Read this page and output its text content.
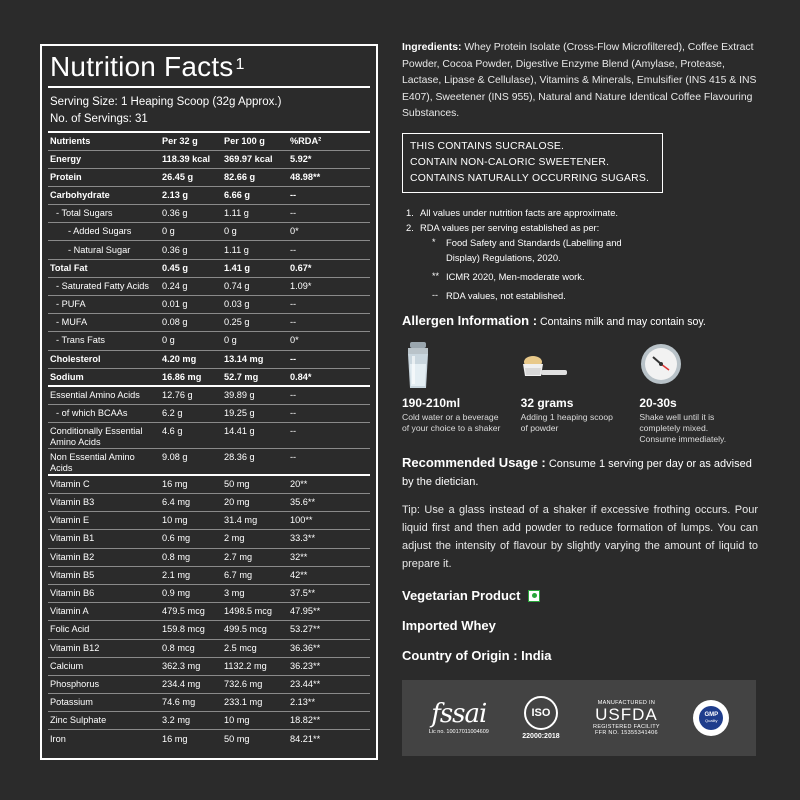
Nutrition Facts $^1$
Serving Size: 1 Heaping Scoop (32g Approx.)
No. of Servings: 31
Nutrients	Per 32 g	Per 100 g	%RDA²
Energy	118.39 kcal	369.97 kcal	5.92*
Protein	26.45 g	82.66 g	48.98**
Carbohydrate	2.13 g	6.66 g	--
- Total Sugars	0.36 g	1.11 g	--
- Added Sugars	0 g	0 g	0*
- Natural Sugar	0.36 g	1.11 g	--
Total Fat	0.45 g	1.41 g	0.67*
- Saturated Fatty Acids	0.24 g	0.74 g	1.09*
- PUFA	0.01 g	0.03 g	--
- MUFA	0.08 g	0.25 g	--
- Trans Fats	0 g	0 g	0*
Cholesterol	4.20 mg	13.14 mg	--
Sodium	16.86 mg	52.7 mg	0.84*
Essential Amino Acids	12.76 g	39.89 g	--
- of which BCAAs	6.2 g	19.25 g	--
Conditionally Essential Amino Acids	4.6 g	14.41 g	--
Non Essential Amino Acids	9.08 g	28.36 g	--
Vitamin C	16 mg	50 mg	20**
Vitamin B3	6.4 mg	20 mg	35.6**
Vitamin E	10 mg	31.4 mg	100**
Vitamin B1	0.6 mg	2 mg	33.3**
Vitamin B2	0.8 mg	2.7 mg	32**
Vitamin B5	2.1 mg	6.7 mg	42**
Vitamin B6	0.9 mg	3 mg	37.5**
Vitamin A	479.5 mcg	1498.5 mcg	47.95**
Folic Acid	159.8 mcg	499.5 mcg	53.27**
Vitamin B12	0.8 mcg	2.5 mcg	36.36**
Calcium	362.3 mg	1132.2 mg	36.23**
Phosphorus	234.4 mg	732.6 mg	23.44**
Potassium	74.6 mg	233.1 mg	2.13**
Zinc Sulphate	3.2 mg	10 mg	18.82**
Iron	16 mg	50 mg	84.21**

Ingredients: Whey Protein Isolate (Cross-Flow Microfiltered), Coffee Extract Powder, Cocoa Powder, Digestive Enzyme Blend (Amylase, Protease, Lactase, Lipase & Cellulase), Vitamins & Minerals, Emulsifier (INS 415 & INS E407), Sweetener (INS 955), Natural and Nature Identical Coffee Flavouring Substances.

THIS CONTAINS SUCRALOSE.
CONTAIN NON-CALORIC SWEETENER.
CONTAINS NATURALLY OCCURRING SUGARS.
1. All values under nutrition facts are approximate.
2. RDA values per serving established as per:
*	Food Safety and Standards (Labelling and Display) Regulations, 2020.
** ICMR 2020, Men-moderate work.
-- RDA values, not established.

Allergen Information : Contains milk and may contain soy.

190-210ml
Cold water or a beverage of your choice to a shaker
32 grams
Adding 1 heaping scoop of powder
20-30s
Shake well until it is completely mixed. Consume immediately.

Recommended Usage : Consume 1 serving per day or as advised by the dietician.

Tip: Use a glass instead of a shaker if excessive frothing occurs. Pour liquid first and then add powder to reduce formation of lumps. You can adjust the intensity of flavour by slightly varying the amount of liquid to prepare it.

Vegetarian Product
Imported Whey
Country of Origin : India
fssai
Lic no. 10017011004609
ISO
22000:2018
MANUFACTURED IN
USFDA
REGISTERED FACILITY
FFR NO. 15355341406
GMP
Quality
